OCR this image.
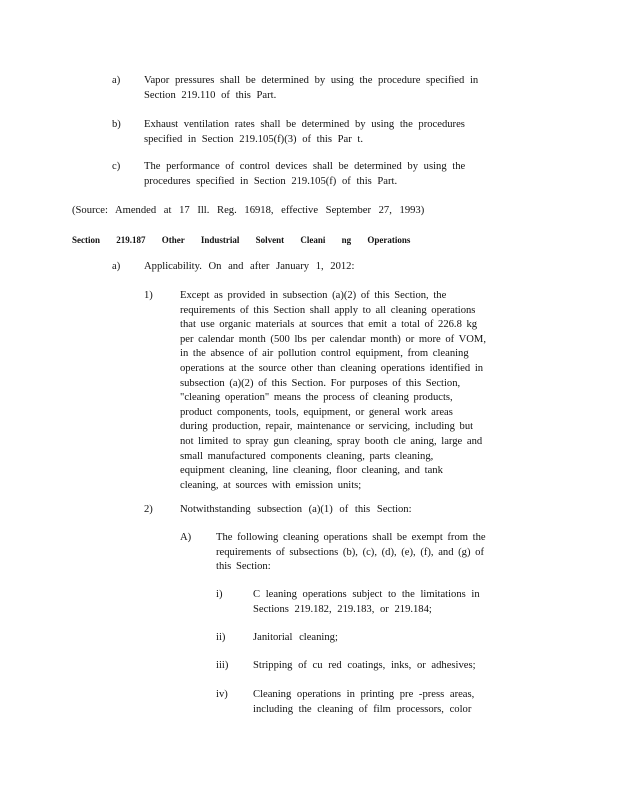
a) Vapor pressures shall be determined by using the procedure specified in
Section 219.110 of this Part.
b) Exhaust ventilation rates shall be determined by using the procedures
specified in Section 219.105(f)(3) of this Par t.
c) The performance of control devices shall be determined by using the
procedures specified in Section 219.105(f) of this Part.
(Source: Amended at 17 Ill. Reg. 16918, effective September 27, 1993)
Section 219.187 Other Industrial Solvent Cleani ng Operations
a) Applicability. On and after January 1, 2012:
1)	Except as provided in subsection (a)(2) of this Section, the
requirements of this Section shall apply to all cleaning operations
that use organic materials at sources that emit a total of 226.8 kg
per calendar month (500 lbs per calendar month) or more of VOM,
in the absence of air pollution control equipment, from cleaning
operations at the source other than cleaning operations identified in
subsection (a)(2) of this Section. For purposes of this Section,
"cleaning operation" means the process of cleaning products,
product components, tools, equipment, or general work areas
during production, repair, maintenance or servicing, including but
not limited to spray gun cleaning, spray booth cle aning, large and
small manufactured components cleaning, parts cleaning,
equipment cleaning, line cleaning, floor cleaning, and tank
cleaning, at sources with emission units;
2)	Notwithstanding subsection (a)(1) of this Section:
A) The following cleaning operations shall be exempt from the
requirements of subsections (b), (c), (d), (e), (f), and (g) of
this Section:
i)	C leaning operations subject to the limitations in
Sections 219.182, 219.183, or 219.184;
ii)	Janitorial cleaning;
iii) Stripping of cu red coatings, inks, or adhesives;
iv) Cleaning operations in printing pre -press areas,
including the cleaning of film processors, color
